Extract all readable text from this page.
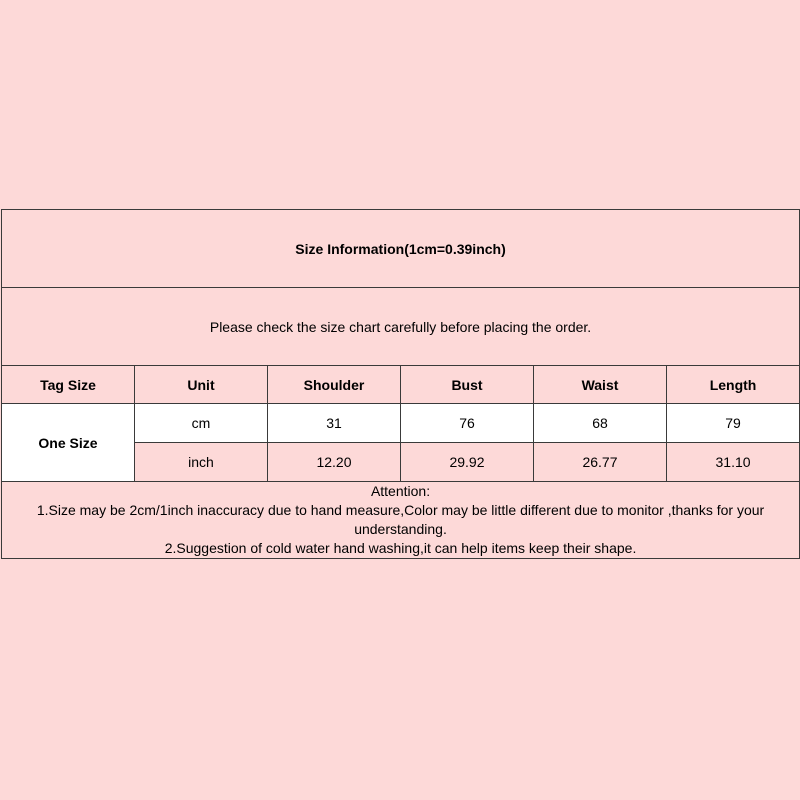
Size Information(1cm=0.39inch)					
Please check the size chart carefully before placing the order.					
Tag Size	Unit	Shoulder	Bust	Waist	Length
One Size	cm	31	76	68	79
	inch	12.20	29.92	26.77	31.10

Attention:
1.Size may be 2cm/1inch inaccuracy due to hand measure,Color may be little different due to monitor ,thanks for your understanding.
2.Suggestion of cold water hand washing,it can help items keep their shape.					
